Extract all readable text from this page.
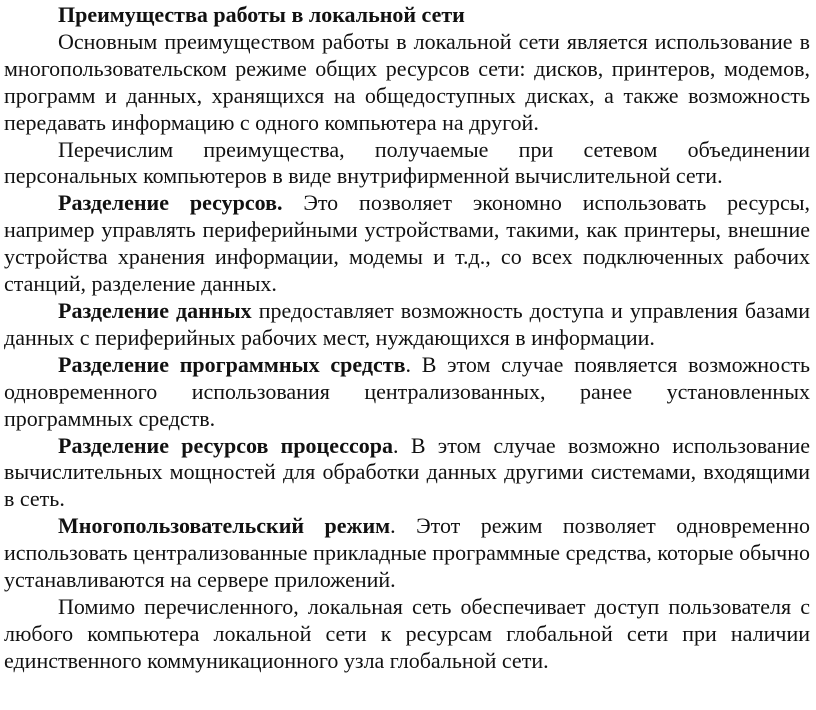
Преимущества работы в локальной сети

Основным преимуществом работы в локальной сети является использование в многопользовательском режиме общих ресурсов сети: дисков, принтеров, модемов, программ и данных, хранящихся на общедоступных дисках, а также возможность передавать информацию с одного компьютера на другой.

Перечислим преимущества, получаемые при сетевом объединении персональных компьютеров в виде внутрифирменной вычислительной сети.

Разделение ресурсов. Это позволяет экономно использовать ресурсы, например управлять периферийными устройствами, такими, как принтеры, внешние устройства хранения информации, модемы и т.д., со всех подключенных рабочих станций, разделение данных.

Разделение данных предоставляет возможность доступа и управления базами данных с периферийных рабочих мест, нуждающихся в информации.

Разделение программных средств. В этом случае появляется возможность одновременного использования централизованных, ранее установленных программных средств.

Разделение ресурсов процессора. В этом случае возможно использование вычислительных мощностей для обработки данных другими системами, входящими в сеть.

Многопользовательский режим. Этот режим позволяет одновременно использовать централизованные прикладные программные средства, которые обычно устанавливаются на сервере приложений.

Помимо перечисленного, локальная сеть обеспечивает доступ пользователя с любого компьютера локальной сети к ресурсам глобальной сети при наличии единственного коммуникационного узла глобальной сети.
